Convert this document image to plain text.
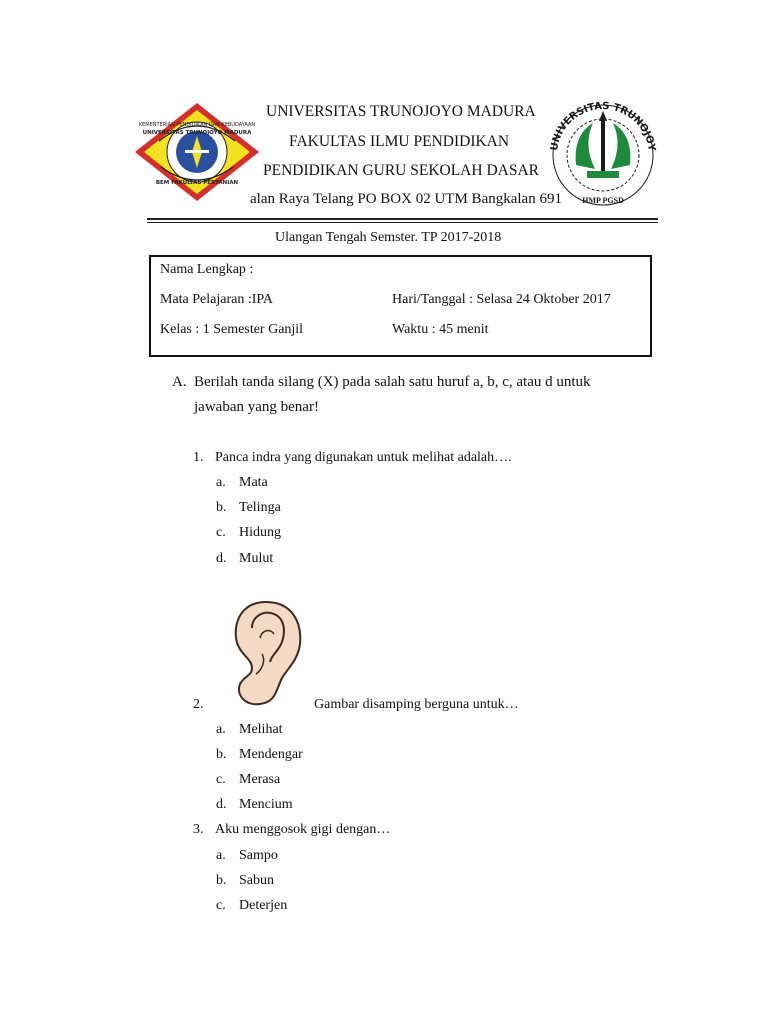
KEMENTERIAN PENDIDIKAN DAN KEBUDAYAAN
UNIVERSITAS TRUNOJOYO MADURA
BEM FAKULTAS PERTANIAN
UNIVERSITAS TRUNOJOYO MADURA
FAKULTAS ILMU PENDIDIKAN
PENDIDIKAN GURU SEKOLAH DASAR
alan Raya Telang PO BOX 02 UTM Bangkalan 691
UNIVERSITAS TRUNOJOY
HMP PGSD
Ulangan Tengah Semster. TP 2017-2018
Nama Lengkap :
Mata Pelajaran :IPA	Hari/Tanggal : Selasa 24 Oktober 2017
Kelas : 1 Semester Ganjil	Waktu : 45 menit
A. Berilah tanda silang (X) pada salah satu huruf a, b, c, atau d untuk
jawaban yang benar!
1. Panca indra yang digunakan untuk melihat adalah….
a. Mata
b. Telinga
c. Hidung
d. Mulut
2.	Gambar disamping berguna untuk…
a. Melihat
b. Mendengar
c. Merasa
d. Mencium
3. Aku menggosok gigi dengan…
a. Sampo
b. Sabun
c. Deterjen
